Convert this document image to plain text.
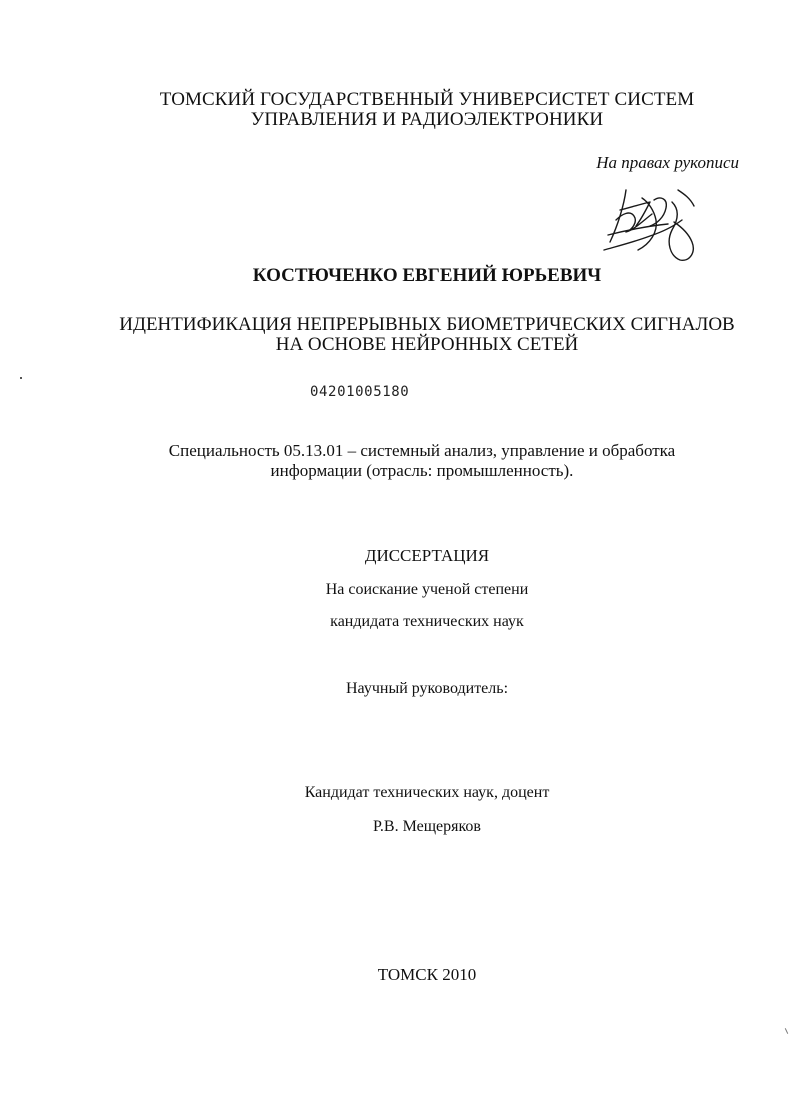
ТОМСКИЙ ГОСУДАРСТВЕННЫЙ УНИВЕРСИСТЕТ СИСТЕМ
УПРАВЛЕНИЯ И РАДИОЭЛЕКТРОНИКИ
На правах рукописи
КОСТЮЧЕНКО ЕВГЕНИЙ ЮРЬЕВИЧ
ИДЕНТИФИКАЦИЯ НЕПРЕРЫВНЫХ БИОМЕТРИЧЕСКИХ СИГНАЛОВ
НА ОСНОВЕ НЕЙРОННЫХ СЕТЕЙ
04201005180
Специальность 05.13.01 – системный анализ, управление и обработка
информации (отрасль: промышленность).
ДИССЕРТАЦИЯ
На соискание ученой степени
кандидата технических наук
Научный руководитель:
Кандидат технических наук, доцент
Р.В. Мещеряков
ТОМСК 2010
